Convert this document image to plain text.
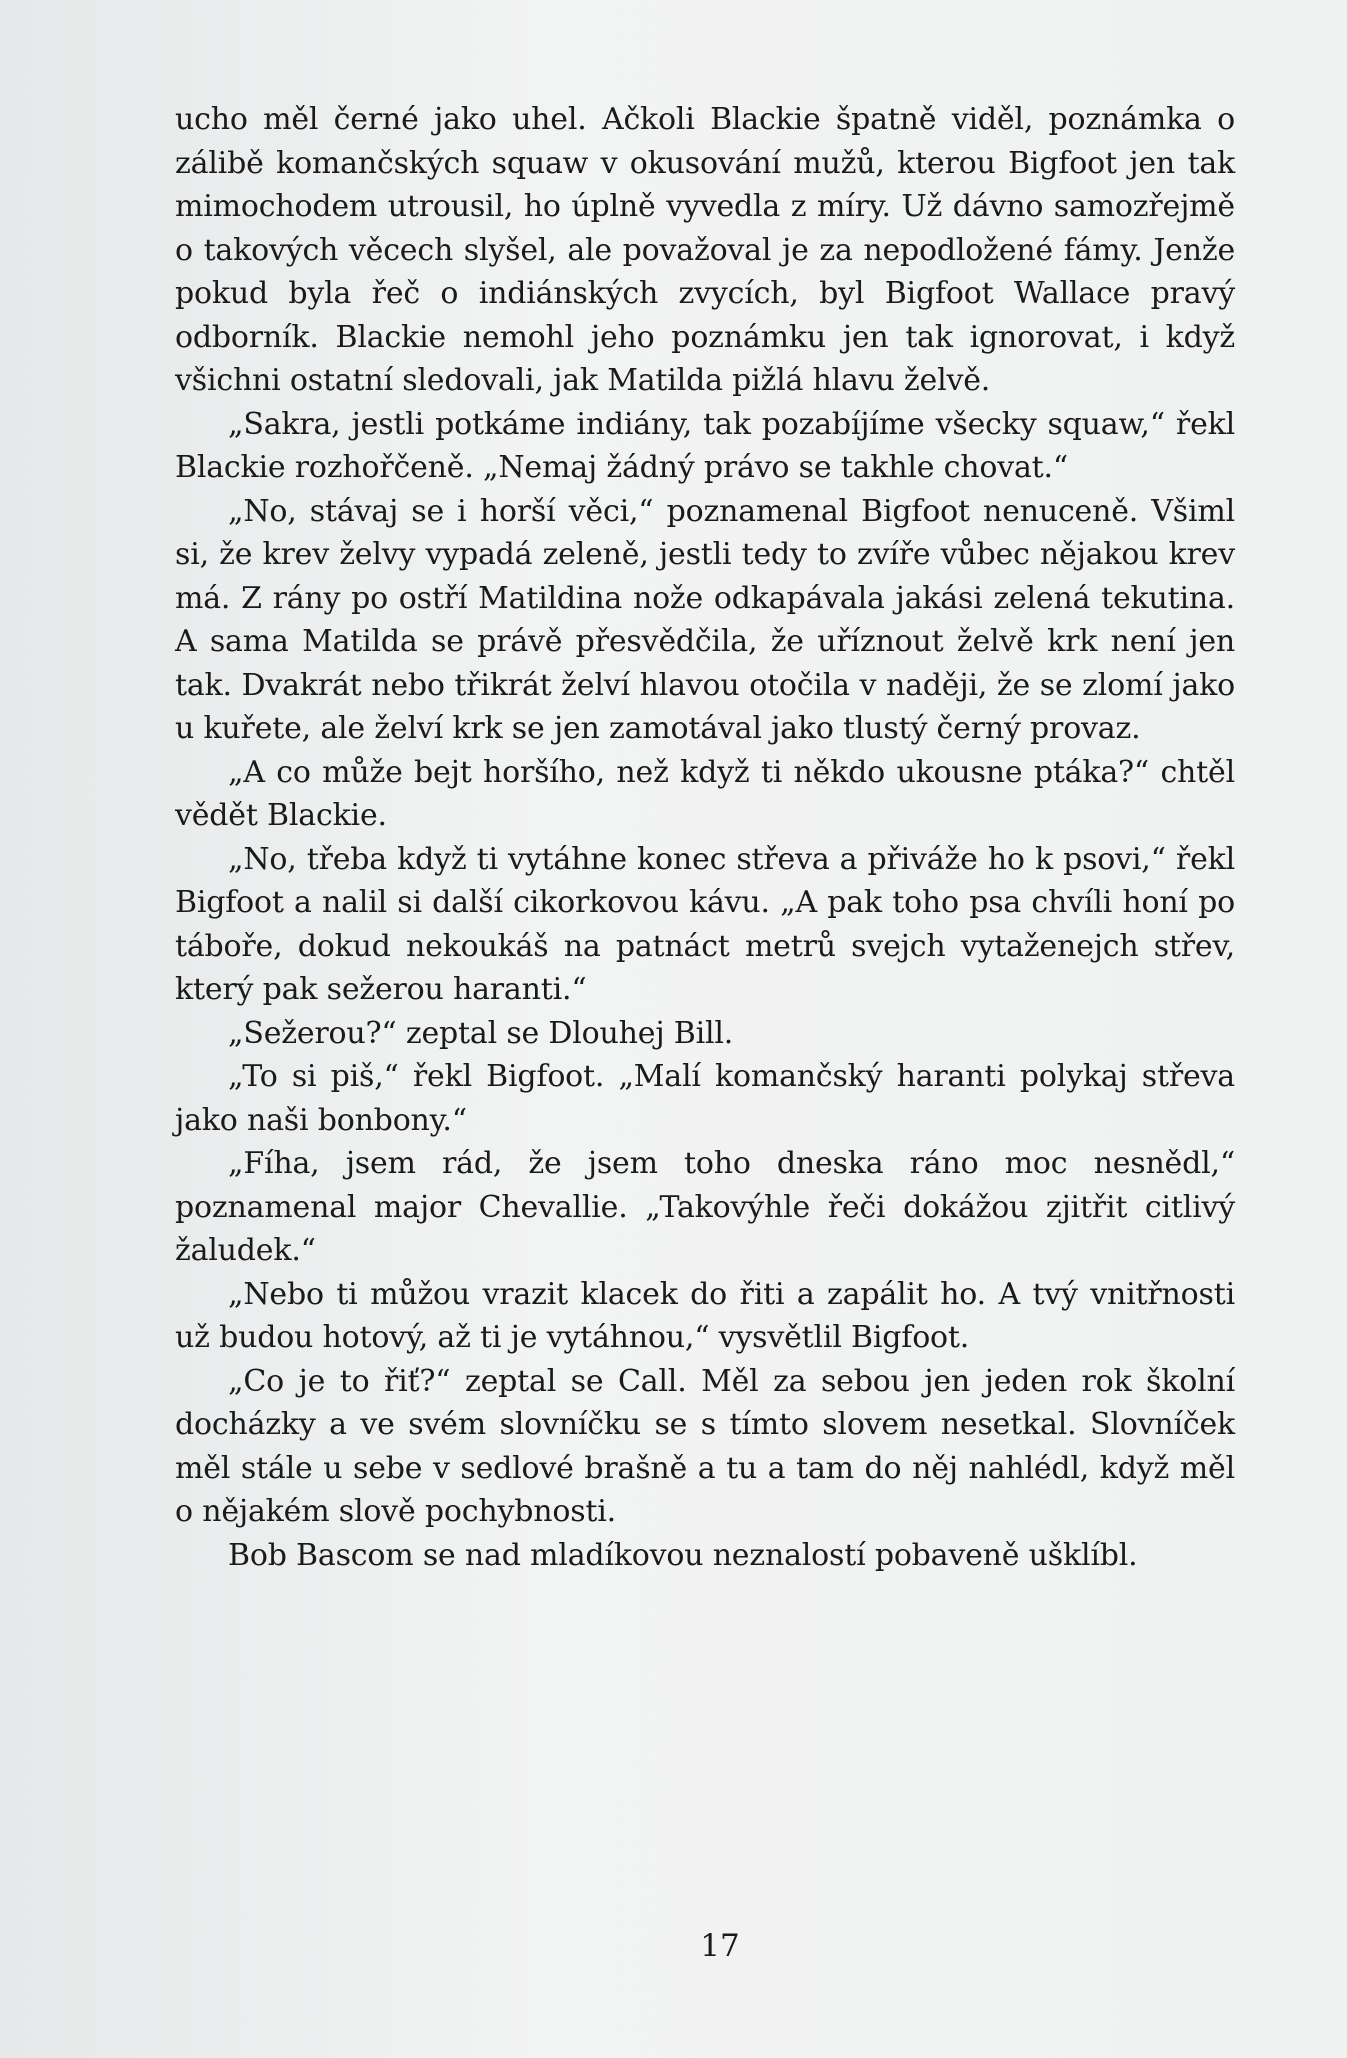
ucho měl černé jako uhel. Ačkoli Blackie špatně viděl, poznámka o zálibě komančských squaw v okusování mužů, kterou Bigfoot jen tak mimochodem utrousil, ho úplně vyvedla z míry. Už dávno samozřejmě o takových věcech slyšel, ale považoval je za nepodložené fámy. Jenže pokud byla řeč o indiánských zvycích, byl Bigfoot Wallace pravý odborník. Blackie nemohl jeho poznámku jen tak ignorovat, i když všichni ostatní sledovali, jak Matilda pižlá hlavu želvě.

„Sakra, jestli potkáme indiány, tak pozabíjíme všecky squaw,“ řekl Blackie rozhořčeně. „Nemaj žádný právo se takhle chovat.“

„No, stávaj se i horší věci,“ poznamenal Bigfoot nenuceně. Všiml si, že krev želvy vypadá zeleně, jestli tedy to zvíře vůbec nějakou krev má. Z rány po ostří Matildina nože odkapávala jakási zelená tekutina. A sama Matilda se právě přesvědčila, že uříznout želvě krk není jen tak. Dvakrát nebo třikrát želví hlavou otočila v naději, že se zlomí jako u kuřete, ale želví krk se jen zamotával jako tlustý černý provaz.

„A co může bejt horšího, než když ti někdo ukousne ptáka?“ chtěl vědět Blackie.

„No, třeba když ti vytáhne konec střeva a přiváže ho k psovi,“ řekl Bigfoot a nalil si další cikorkovou kávu. „A pak toho psa chvíli honí po táboře, dokud nekoukáš na patnáct metrů svejch vytaženejch střev, který pak sežerou haranti.“

„Sežerou?“ zeptal se Dlouhej Bill.

„To si piš,“ řekl Bigfoot. „Malí komančský haranti polykaj střeva jako naši bonbony.“

„Fíha, jsem rád, že jsem toho dneska ráno moc nesnědl,“ poznamenal major Chevallie. „Takovýhle řeči dokážou zjitřit citlivý žaludek.“

„Nebo ti můžou vrazit klacek do řiti a zapálit ho. A tvý vnitřnosti už budou hotový, až ti je vytáhnou,“ vysvětlil Bigfoot.

„Co je to řiť?“ zeptal se Call. Měl za sebou jen jeden rok školní docházky a ve svém slovníčku se s tímto slovem nesetkal. Slovníček měl stále u sebe v sedlové brašně a tu a tam do něj nahlédl, když měl o nějakém slově pochybnosti.

Bob Bascom se nad mladíkovou neznalostí pobaveně ušklíbl.

17
